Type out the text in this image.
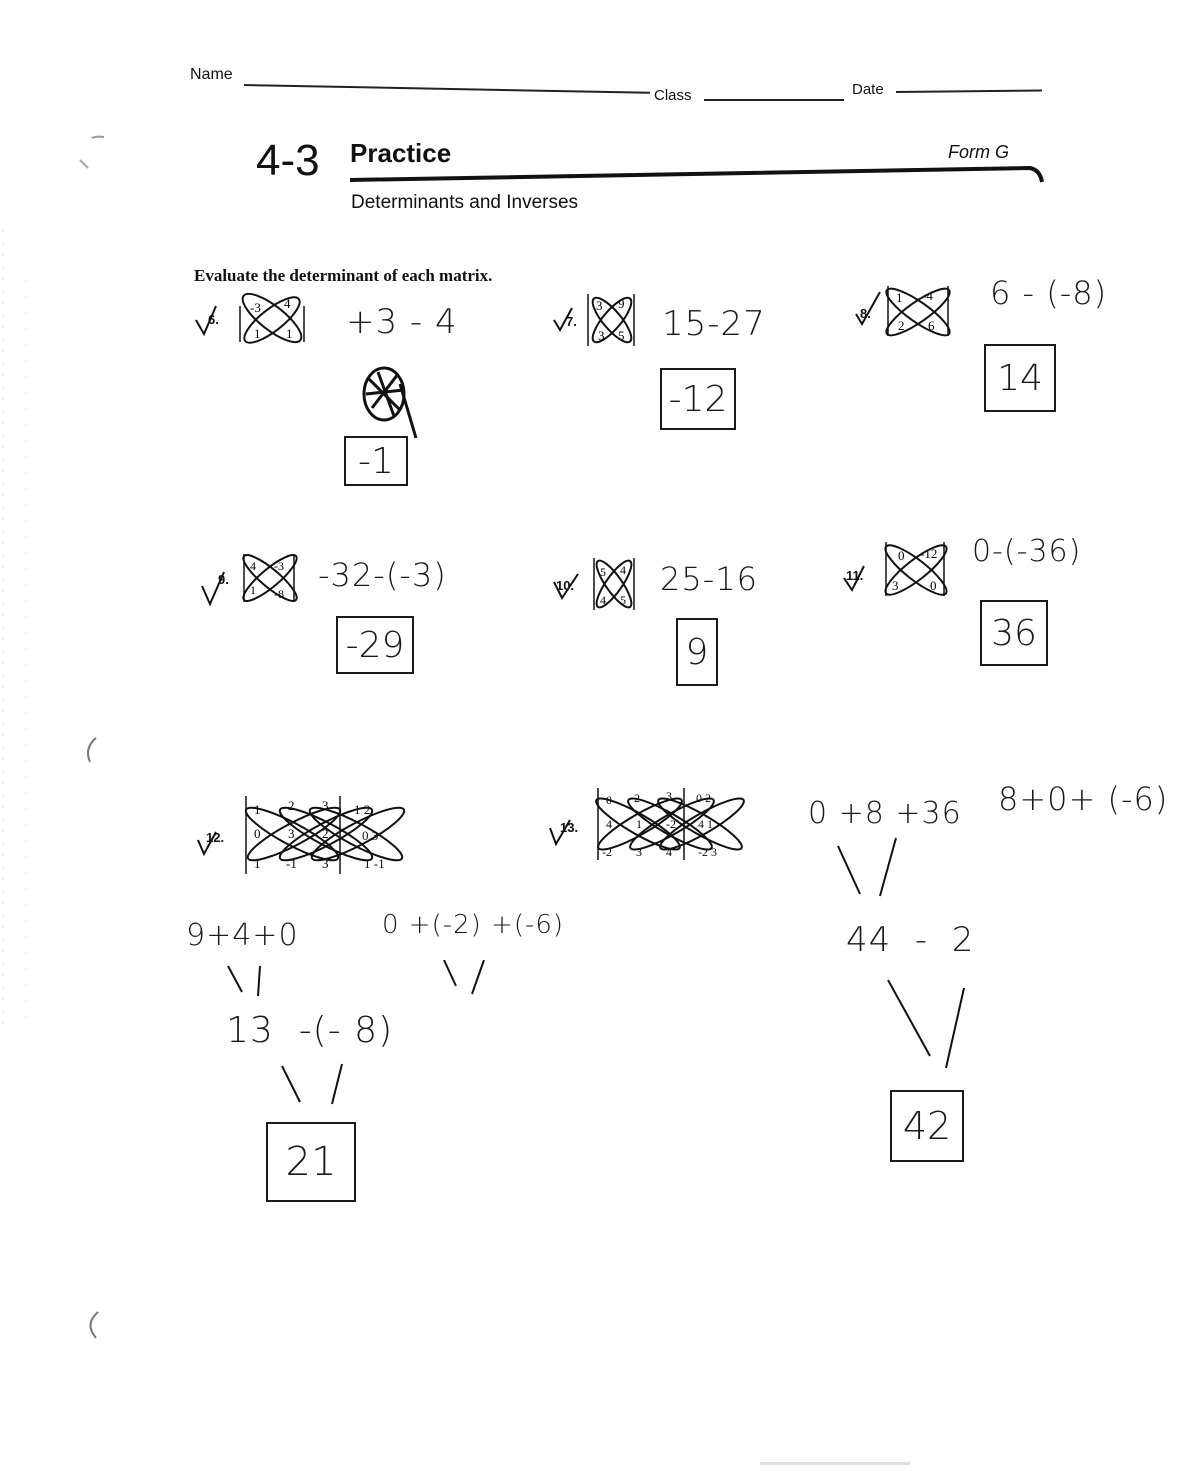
Name
Class	Date
4-3 Practice	Form G
Determinants and Inverses
Evaluate the determinant of each matrix.
6.
-3 4
1 1 +3 - 4
-1
7.
3 9
3 5 15-27
-12
8.
1 -4
2 6
6 - (-8)
14
9.
4 -3
1 -8 -32-(-3)
-29
10.
5 4
4 5
25-16
9
11.
0 -12
3 0
0-(-36)
36
12.
1 2 3
0 3 2
1 -1 3
1 2
0 3
1 -1
9+4+0	0 +(-2) +(-6)
13  -(- 8)
21
13.
0 2 3
4 1 -2
-2 3 4
0 2
4 1
-2 3
0 +8 +36 8+0+ (-6)
44  -  2
42
